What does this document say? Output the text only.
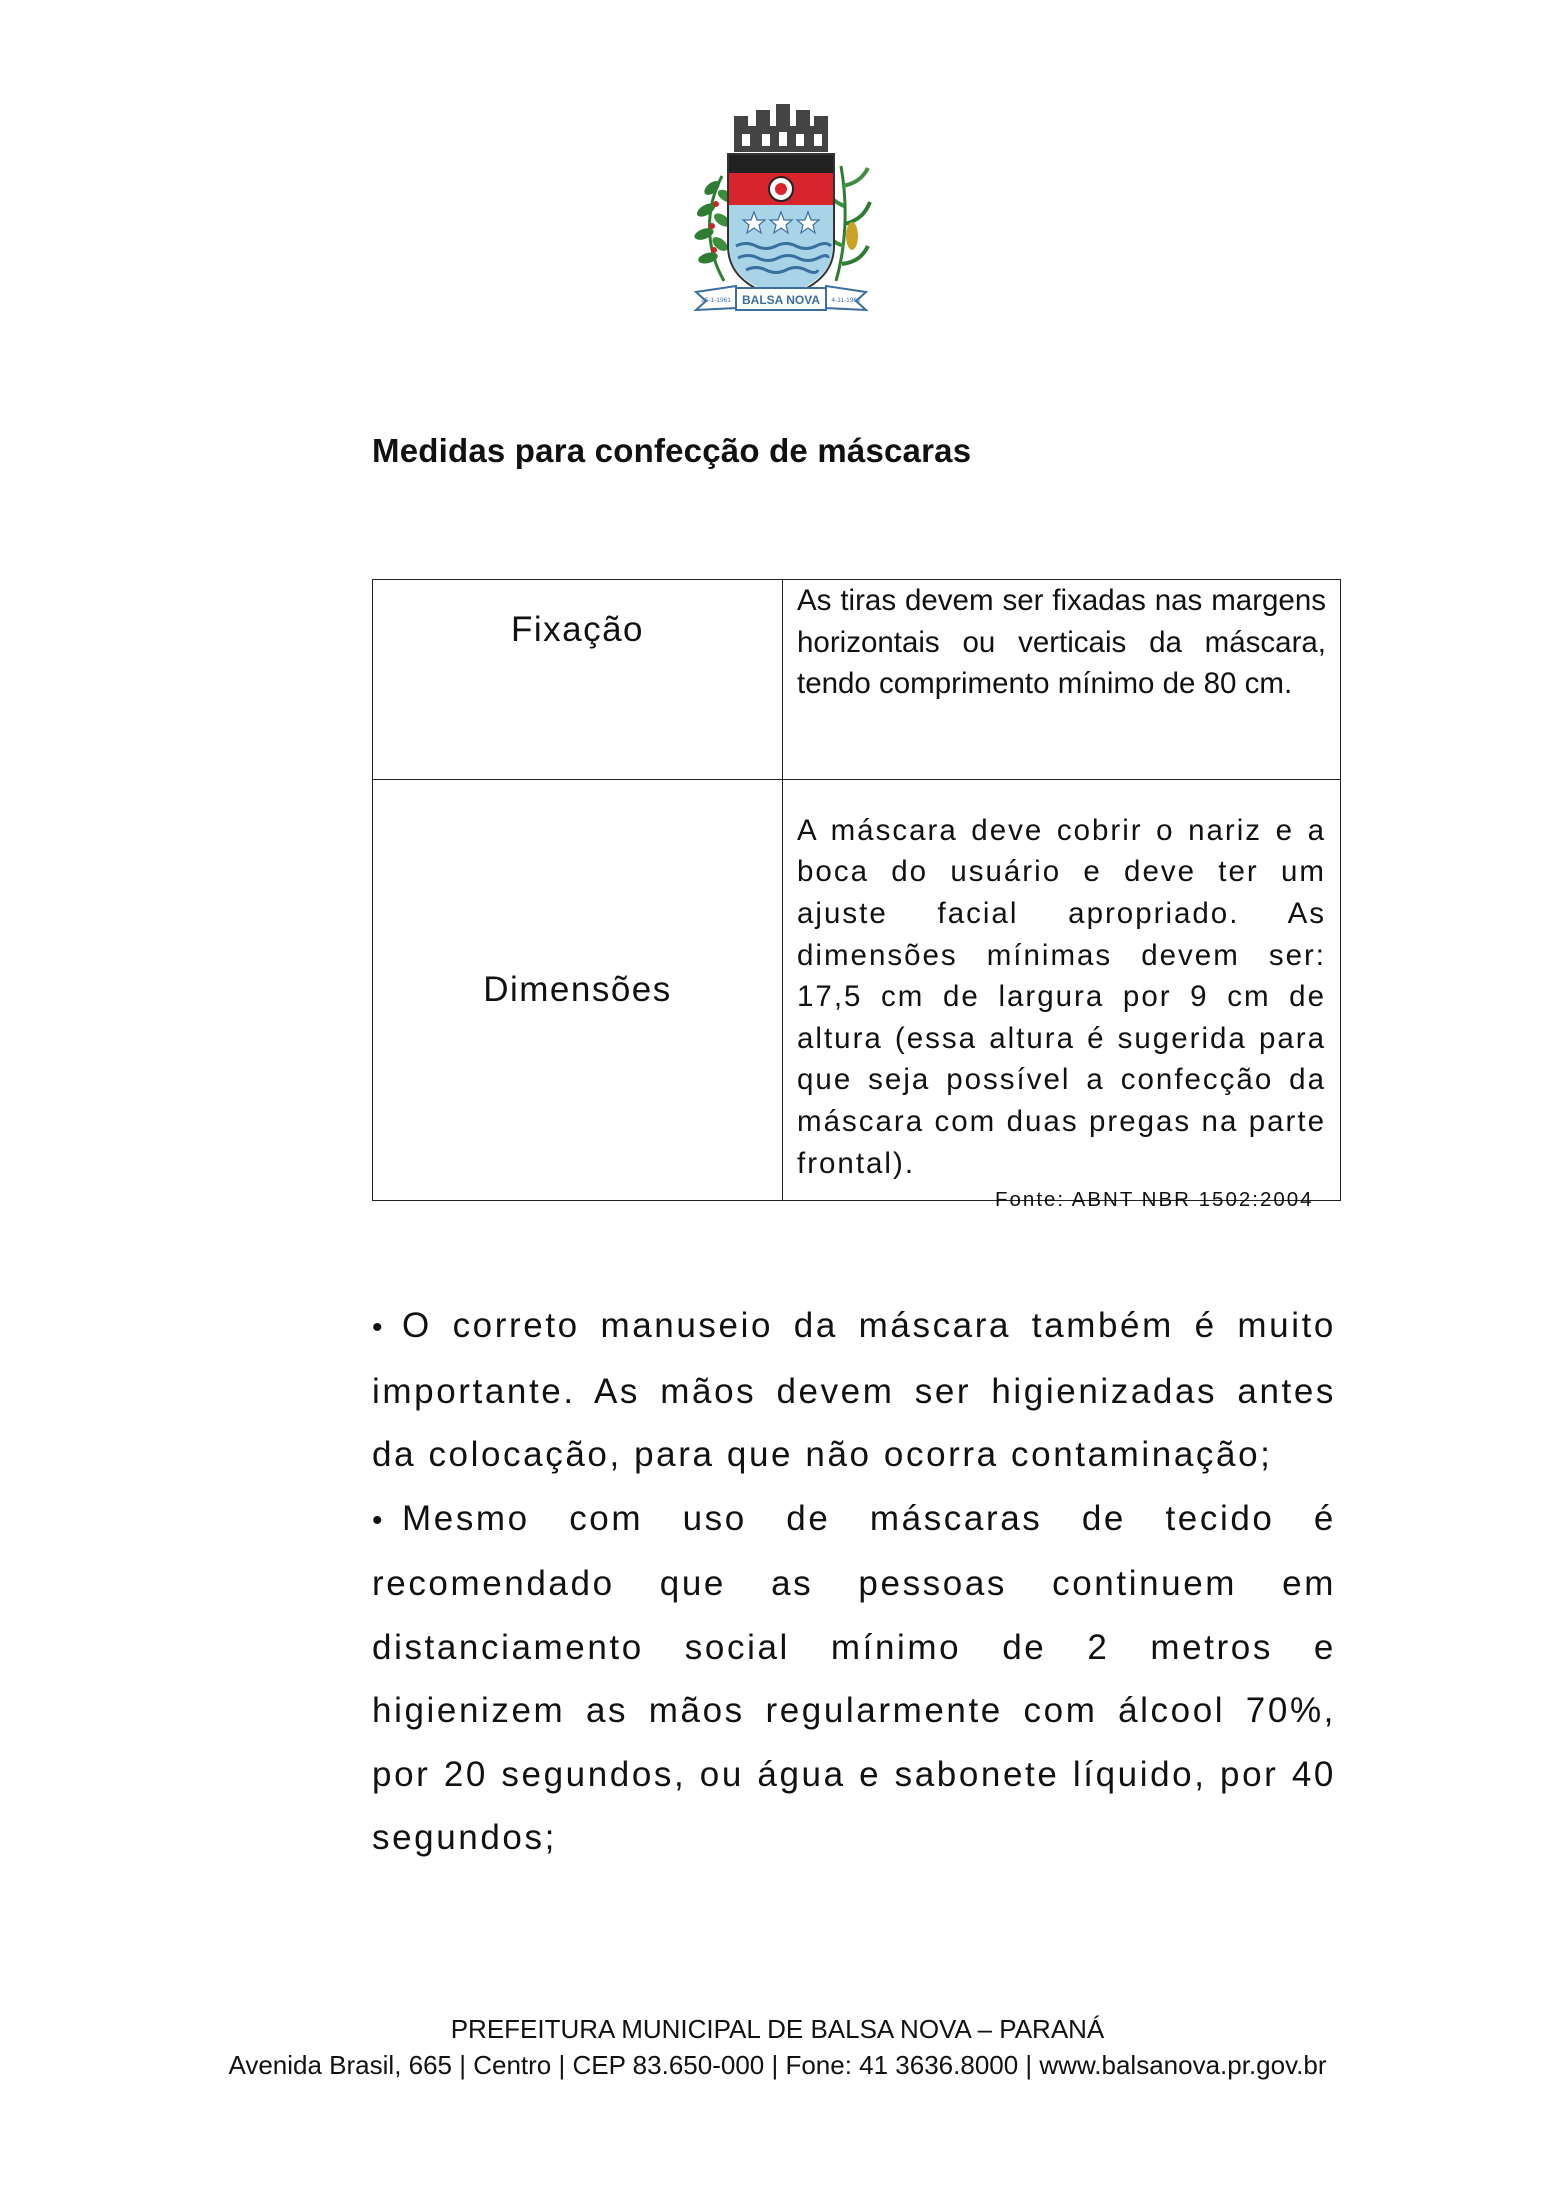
BALSA NOVA
25-1-1961	4-11-1961
Medidas para confecção de máscaras
Fixação	As tiras devem ser fixadas nas margens horizontais ou verticais da máscara, tendo comprimento mínimo de 80 cm.
Dimensões	A máscara deve cobrir o nariz e a boca do usuário e deve ter um ajuste facial apropriado. As dimensões mínimas devem ser: 17,5 cm de largura por 9 cm de altura (essa altura é sugerida para que seja possível a confecção da máscara com duas pregas na parte frontal).
Fonte: ABNT NBR 1502:2004
• O correto manuseio da máscara também é muito importante. As mãos devem ser higienizadas antes da colocação, para que não ocorra contaminação;
• Mesmo com uso de máscaras de tecido é recomendado que as pessoas continuem em distanciamento social mínimo de 2 metros e higienizem as mãos regularmente com álcool 70%, por 20 segundos, ou água e sabonete líquido, por 40 segundos;
PREFEITURA MUNICIPAL DE BALSA NOVA – PARANÁ
Avenida Brasil, 665 | Centro | CEP 83.650-000 | Fone: 41 3636.8000 | www.balsanova.pr.gov.br
